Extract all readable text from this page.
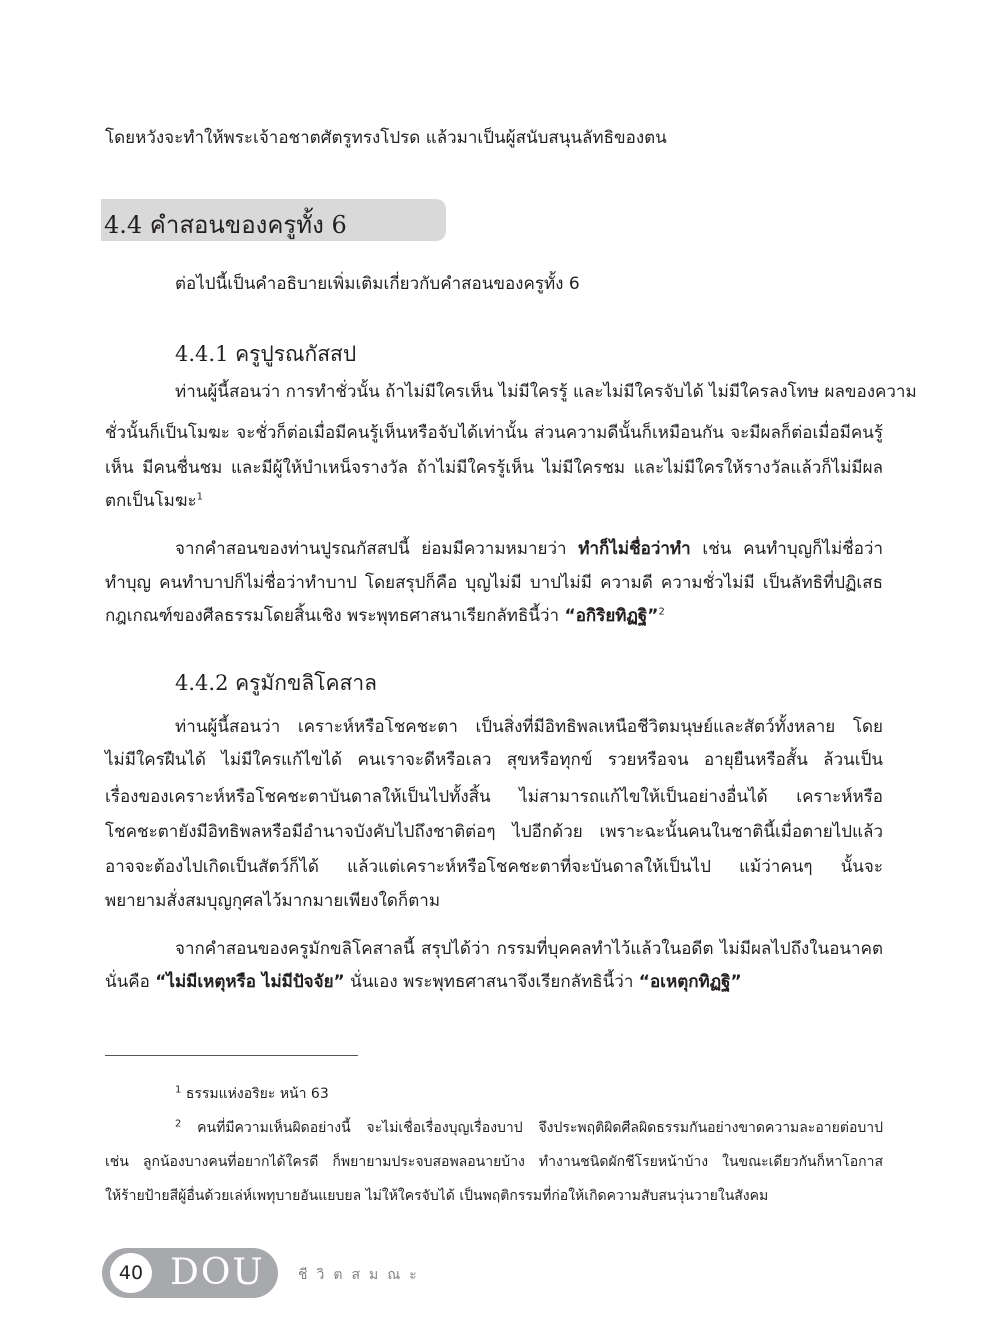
โดยหวังจะทำให้พระเจ้าอชาตศัตรูทรงโปรด แล้วมาเป็นผู้สนับสนุนลัทธิของตน
4.4 คำสอนของครูทั้ง 6
ต่อไปนี้เป็นคำอธิบายเพิ่มเติมเกี่ยวกับคำสอนของครูทั้ง 6
4.4.1 ครูปูรณกัสสป
ท่านผู้นี้สอนว่า การทำชั่วนั้น ถ้าไม่มีใครเห็น ไม่มีใครรู้ และไม่มีใครจับได้ ไม่มีใครลงโทษ ผลของความ
ชั่วนั้นก็เป็นโมฆะ จะชั่วก็ต่อเมื่อมีคนรู้เห็นหรือจับได้เท่านั้น ส่วนความดีนั้นก็เหมือนกัน จะมีผลก็ต่อเมื่อมีคนรู้
เห็น มีคนชื่นชม และมีผู้ให้บำเหน็จรางวัล ถ้าไม่มีใครรู้เห็น ไม่มีใครชม และไม่มีใครให้รางวัลแล้วก็ไม่มีผล
ตกเป็นโมฆะ$^1$
จากคำสอนของท่านปูรณกัสสปนี้ ย่อมมีความหมายว่า ทำก็ไม่ชื่อว่าทำ เช่น คนทำบุญก็ไม่ชื่อว่า
ทำบุญ คนทำบาปก็ไม่ชื่อว่าทำบาป โดยสรุปก็คือ บุญไม่มี บาปไม่มี ความดี ความชั่วไม่มี เป็นลัทธิที่ปฏิเสธ
กฎเกณฑ์ของศีลธรรมโดยสิ้นเชิง พระพุทธศาสนาเรียกลัทธินี้ว่า “อกิริยทิฏฐิ”$^2$
4.4.2 ครูมักขลิโคสาล
ท่านผู้นี้สอนว่า เคราะห์หรือโชคชะตา เป็นสิ่งที่มีอิทธิพลเหนือชีวิตมนุษย์และสัตว์ทั้งหลาย โดย
ไม่มีใครฝืนได้ ไม่มีใครแก้ไขได้ คนเราจะดีหรือเลว สุขหรือทุกข์ รวยหรือจน อายุยืนหรือสั้น ล้วนเป็น
เรื่องของเคราะห์หรือโชคชะตาบันดาลให้เป็นไปทั้งสิ้น ไม่สามารถแก้ไขให้เป็นอย่างอื่นได้ เคราะห์หรือ
โชคชะตายังมีอิทธิพลหรือมีอำนาจบังคับไปถึงชาติต่อๆ ไปอีกด้วย เพราะฉะนั้นคนในชาตินี้เมื่อตายไปแล้ว
อาจจะต้องไปเกิดเป็นสัตว์ก็ได้ แล้วแต่เคราะห์หรือโชคชะตาที่จะบันดาลให้เป็นไป แม้ว่าคนๆ นั้นจะ
พยายามสั่งสมบุญกุศลไว้มากมายเพียงใดก็ตาม
จากคำสอนของครูมักขลิโคสาลนี้ สรุปได้ว่า กรรมที่บุคคลทำไว้แล้วในอดีต ไม่มีผลไปถึงในอนาคต
นั่นคือ “ไม่มีเหตุหรือ ไม่มีปัจจัย” นั่นเอง พระพุทธศาสนาจึงเรียกลัทธินี้ว่า “อเหตุกทิฏฐิ”
$^1$ ธรรมแห่งอริยะ หน้า 63
$^2$ คนที่มีความเห็นผิดอย่างนี้ จะไม่เชื่อเรื่องบุญเรื่องบาป จึงประพฤติผิดศีลผิดธรรมกันอย่างขาดความละอายต่อบาป
เช่น ลูกน้องบางคนที่อยากได้ใครดี ก็พยายามประจบสอพลอนายบ้าง ทำงานชนิดผักชีโรยหน้าบ้าง ในขณะเดียวกันก็หาโอกาส
ให้ร้ายป้ายสีผู้อื่นด้วยเล่ห์เพทุบายอันแยบยล ไม่ให้ใครจับได้ เป็นพฤติกรรมที่ก่อให้เกิดความสับสนวุ่นวายในสังคม
40 DOU ชีวิตสมณะ
